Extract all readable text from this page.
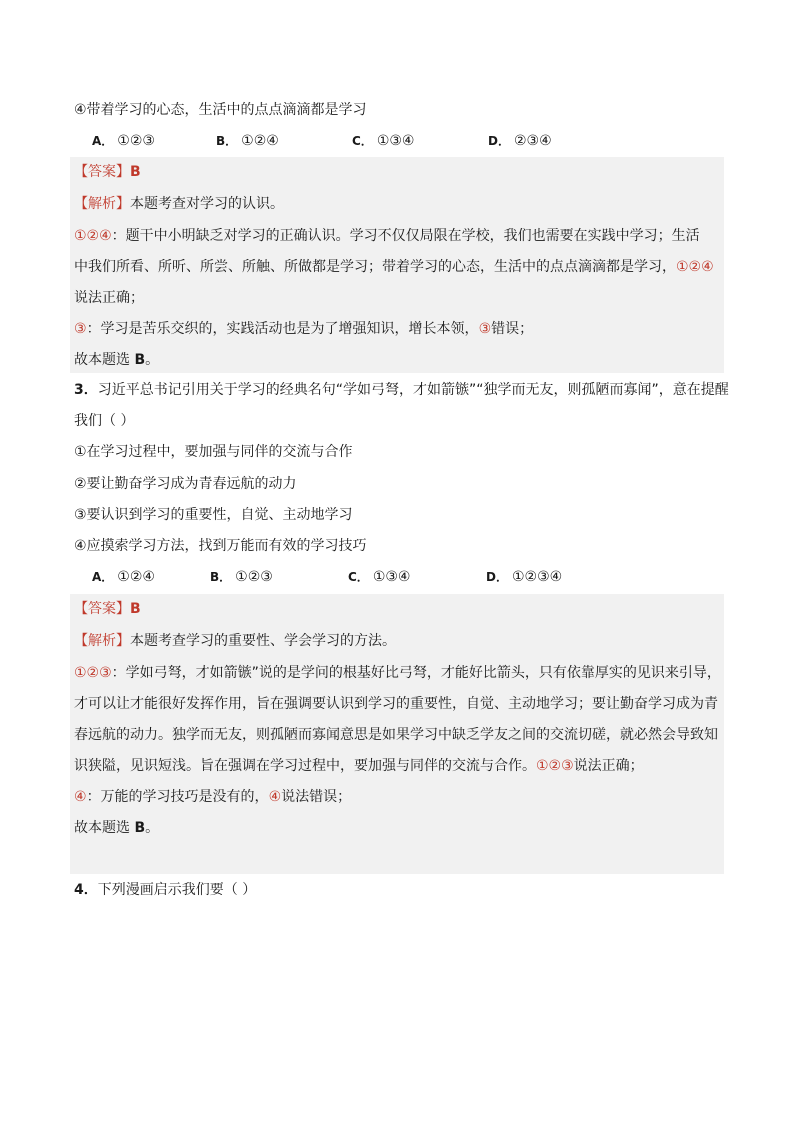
④带着学习的心态，生活中的点点滴滴都是学习
A． ①②③	B． ①②④	C． ①③④	D． ②③④
【答案】B
【解析】本题考查对学习的认识。
①②④：题干中小明缺乏对学习的正确认识。学习不仅仅局限在学校，我们也需要在实践中学习；生活
中我们所看、所听、所尝、所触、所做都是学习；带着学习的心态，生活中的点点滴滴都是学习，①②④
说法正确；
③：学习是苦乐交织的，实践活动也是为了增强知识，增长本领，③错误；
故本题选 B。
3．习近平总书记引用关于学习的经典名句“学如弓弩，才如箭镞”“独学而无友，则孤陋而寡闻”，意在提醒
我们（ ）
①在学习过程中，要加强与同伴的交流与合作
②要让勤奋学习成为青春远航的动力
③要认识到学习的重要性，自觉、主动地学习
④应摸索学习方法，找到万能而有效的学习技巧
A． ①②④	B． ①②③	C． ①③④	D． ①②③④
【答案】B
【解析】本题考查学习的重要性、学会学习的方法。
①②③：学如弓弩，才如箭镞”说的是学问的根基好比弓弩，才能好比箭头，只有依靠厚实的见识来引导，
才可以让才能很好发挥作用，旨在强调要认识到学习的重要性，自觉、主动地学习；要让勤奋学习成为青
春远航的动力。独学而无友，则孤陋而寡闻意思是如果学习中缺乏学友之间的交流切磋，就必然会导致知
识狭隘，见识短浅。旨在强调在学习过程中，要加强与同伴的交流与合作。①②③说法正确；
④：万能的学习技巧是没有的，④说法错误；
故本题选 B。
4．下列漫画启示我们要（ ）
